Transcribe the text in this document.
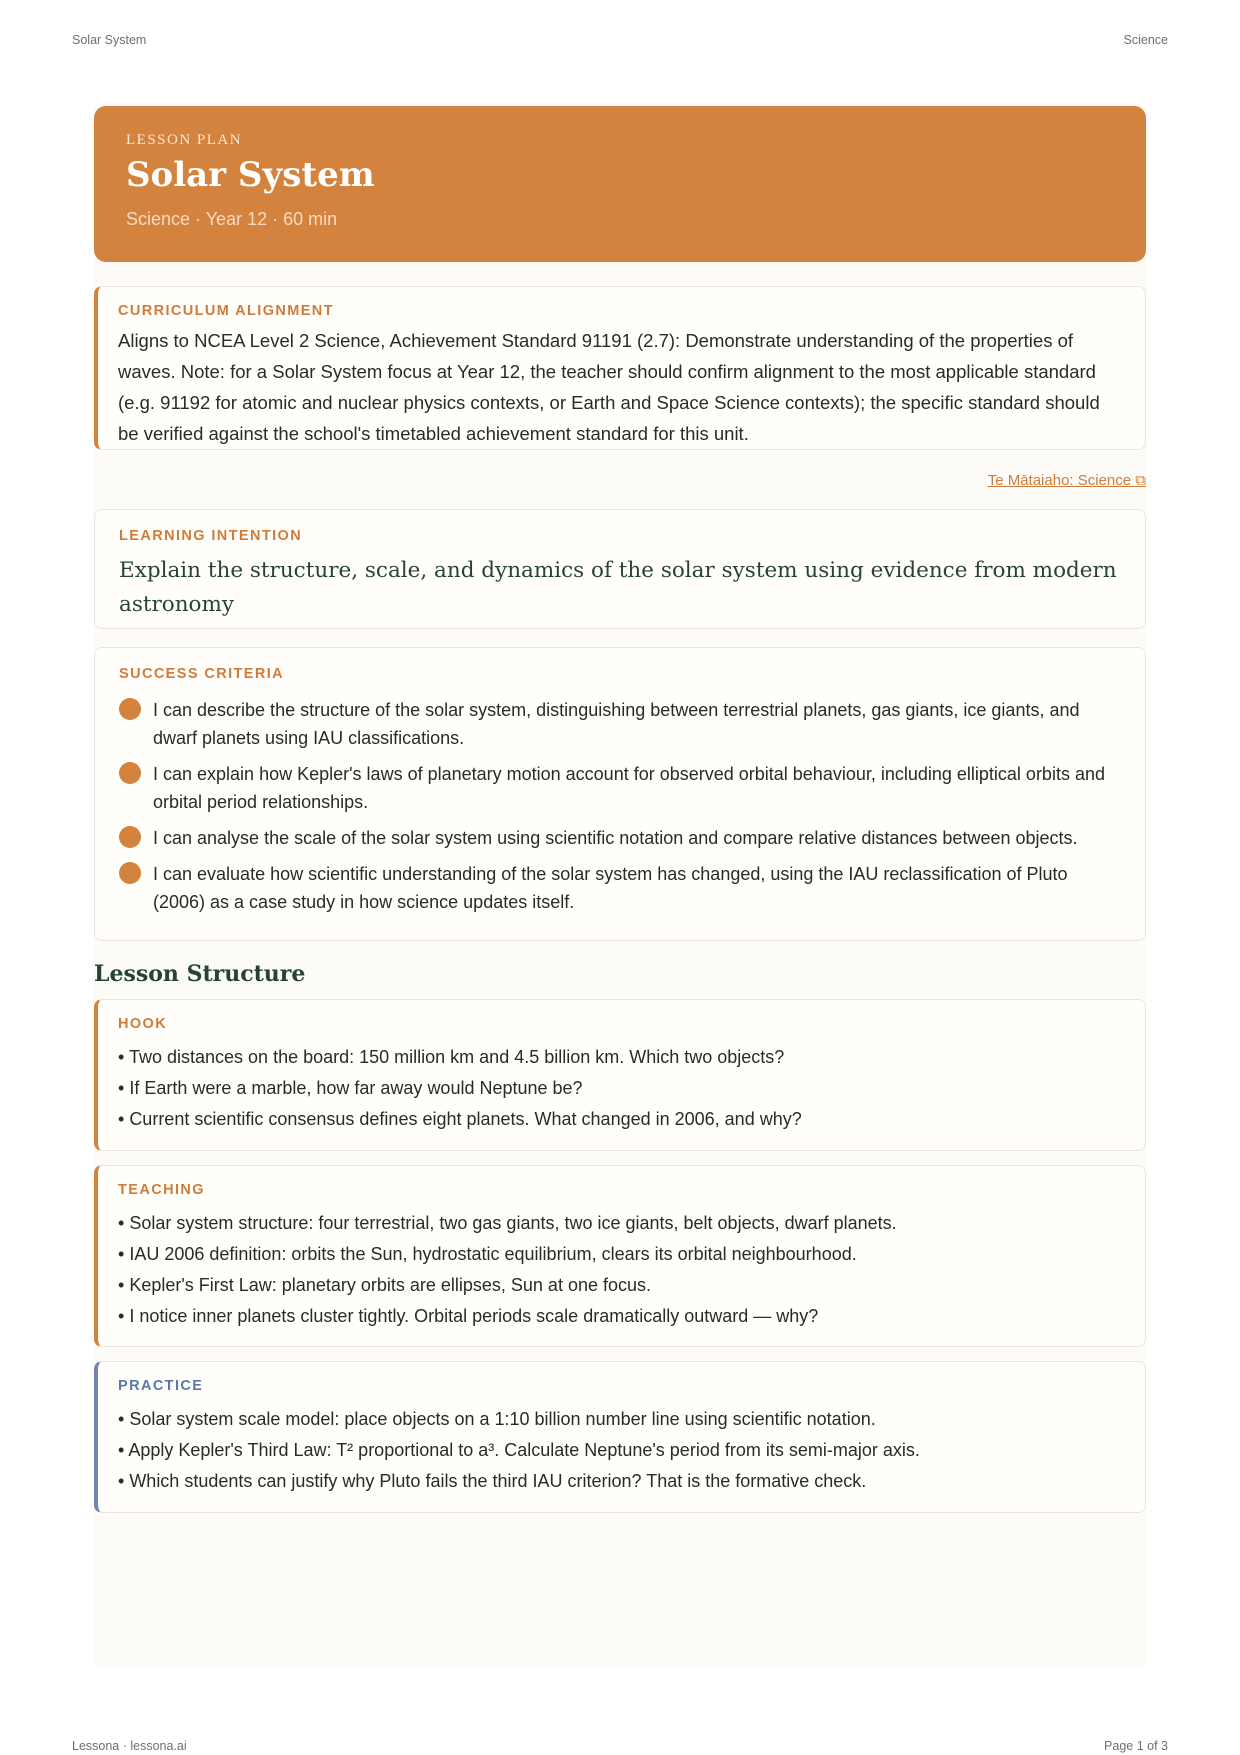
Solar System	Science
LESSON PLAN
Solar System
Science · Year 12 · 60 min
CURRICULUM ALIGNMENT
Aligns to NCEA Level 2 Science, Achievement Standard 91191 (2.7): Demonstrate understanding of the properties of waves. Note: for a Solar System focus at Year 12, the teacher should confirm alignment to the most applicable standard (e.g. 91192 for atomic and nuclear physics contexts, or Earth and Space Science contexts); the specific standard should be verified against the school's timetabled achievement standard for this unit.
Te Mātaiaho: Science ⧉
LEARNING INTENTION
Explain the structure, scale, and dynamics of the solar system using evidence from modern astronomy
SUCCESS CRITERIA
I can describe the structure of the solar system, distinguishing between terrestrial planets, gas giants, ice giants, and dwarf planets using IAU classifications.
I can explain how Kepler's laws of planetary motion account for observed orbital behaviour, including elliptical orbits and orbital period relationships.
I can analyse the scale of the solar system using scientific notation and compare relative distances between objects.
I can evaluate how scientific understanding of the solar system has changed, using the IAU reclassification of Pluto (2006) as a case study in how science updates itself.
Lesson Structure
HOOK
• Two distances on the board: 150 million km and 4.5 billion km. Which two objects?
• If Earth were a marble, how far away would Neptune be?
• Current scientific consensus defines eight planets. What changed in 2006, and why?
TEACHING
• Solar system structure: four terrestrial, two gas giants, two ice giants, belt objects, dwarf planets.
• IAU 2006 definition: orbits the Sun, hydrostatic equilibrium, clears its orbital neighbourhood.
• Kepler's First Law: planetary orbits are ellipses, Sun at one focus.
• I notice inner planets cluster tightly. Orbital periods scale dramatically outward — why?
PRACTICE
• Solar system scale model: place objects on a 1:10 billion number line using scientific notation.
• Apply Kepler's Third Law: T² proportional to a³. Calculate Neptune's period from its semi-major axis.
• Which students can justify why Pluto fails the third IAU criterion? That is the formative check.
Lessona · lessona.ai	Page 1 of 3
